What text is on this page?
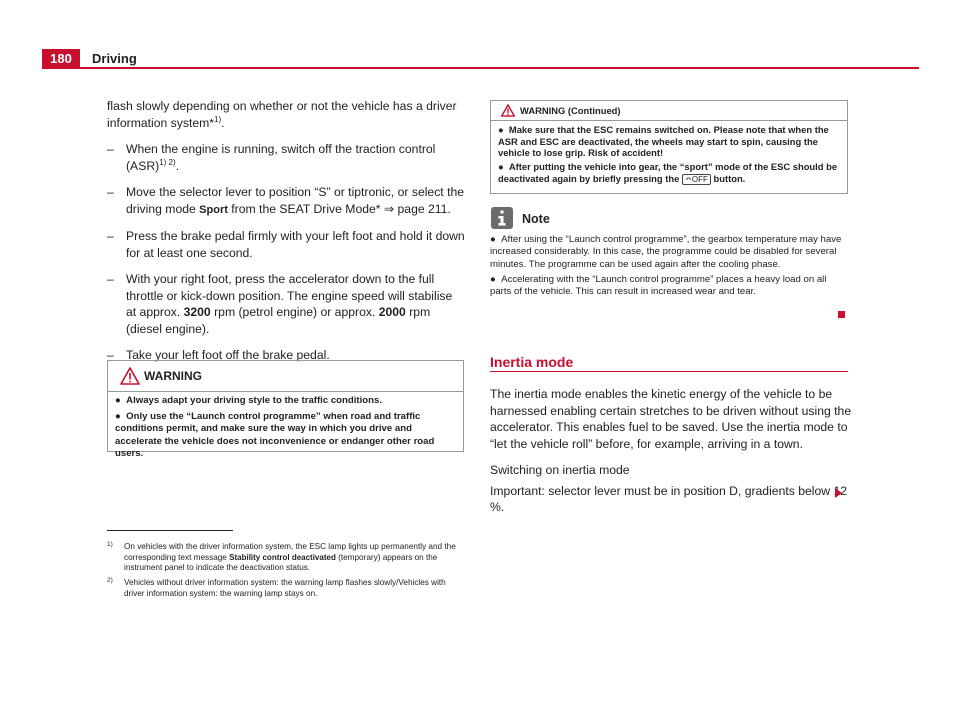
180	Driving

flash slowly depending on whether or not the vehicle has a driver information system*$^{1)}$.

– When the engine is running, switch off the traction control (ASR)$^{1) 2)}$.
– Move the selector lever to position “S” or tiptronic, or select the driving mode Sport from the SEAT Drive Mode* ⇒ page 211.
– Press the brake pedal firmly with your left foot and hold it down for at least one second.
– With your right foot, press the accelerator down to the full throttle or kick-down position. The engine speed will stabilise at approx. 3200 rpm (petrol engine) or approx. 2000 rpm (diesel engine).
– Take your left foot off the brake pedal.
WARNING

● Always adapt your driving style to the traffic conditions.

● Only use the “Launch control programme” when road and traffic conditions permit, and make sure the way in which you drive and accelerate the vehicle does not inconvenience or endanger other road users.

1) On vehicles with the driver information system, the ESC lamp lights up permanently and the corresponding text message Stability control deactivated (temporary) appears on the instrument panel to indicate the deactivation status.
2) Vehicles without driver information system: the warning lamp flashes slowly/Vehicles with driver information system: the warning lamp stays on.
WARNING (Continued)

● Make sure that the ESC remains switched on. Please note that when the ASR and ESC are deactivated, the wheels may start to spin, causing the vehicle to lose grip. Risk of accident!

● After putting the vehicle into gear, the “sport” mode of the ESC should be deactivated again by briefly pressing the OFF button.

Note

● After using the “Launch control programme”, the gearbox temperature may have increased considerably. In this case, the programme could be disabled for several minutes. The programme can be used again after the cooling phase.

● Accelerating with the “Launch control programme” places a heavy load on all parts of the vehicle. This can result in increased wear and tear.

Inertia mode

The inertia mode enables the kinetic energy of the vehicle to be harnessed enabling certain stretches to be driven without using the accelerator. This enables fuel to be saved. Use the inertia mode to “let the vehicle roll” before, for example, arriving in a town.

Switching on inertia mode

Important: selector lever must be in position D, gradients below 12 %.
